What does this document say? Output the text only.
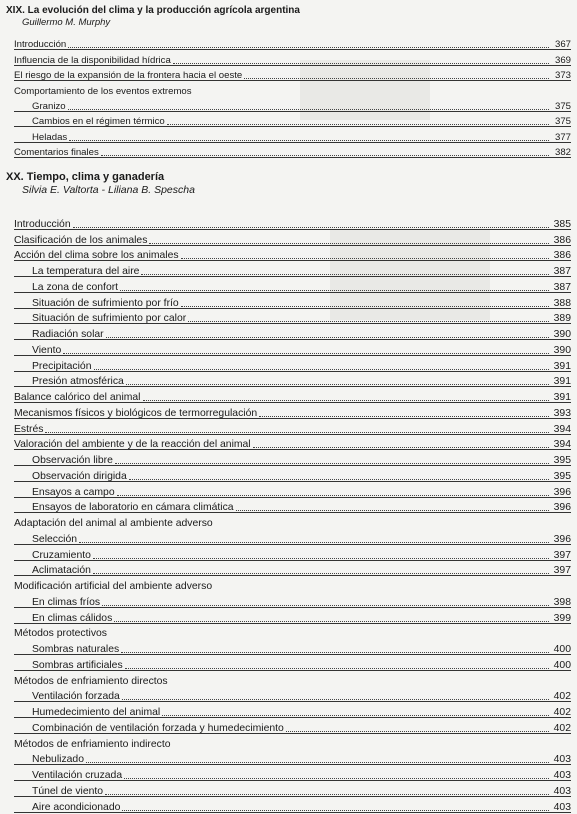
XIX. La evolución del clima y la producción agrícola argentina
Guillermo M. Murphy
Introducción	367
Influencia de la disponibilidad hídrica	369
El riesgo de la expansión de la frontera hacia el oeste	373
Comportamiento de los eventos extremos
Granizo	375
Cambios en el régimen térmico	375
Heladas	377
Comentarios finales	382
XX. Tiempo, clima y ganadería
Silvia E. Valtorta - Liliana B. Spescha
Introducción	385
Clasificación de los animales	386
Acción del clima sobre los animales	386
La temperatura del aire	387
La zona de confort	387
Situación de sufrimiento por frío	388
Situación de sufrimiento por calor	389
Radiación solar	390
Viento	390
Precipitación	391
Presión atmosférica	391
Balance calórico del animal	391
Mecanismos físicos y biológicos de termorregulación	393
Estrés	394
Valoración del ambiente y de la reacción del animal	394
Observación libre	395
Observación dirigida	395
Ensayos a campo	396
Ensayos de laboratorio en cámara climática	396
Adaptación del animal al ambiente adverso
Selección	396
Cruzamiento	397
Aclimatación	397
Modificación artificial del ambiente adverso
En climas fríos	398
En climas cálidos	399
Métodos protectivos
Sombras naturales	400
Sombras artificiales	400
Métodos de enfriamiento directos
Ventilación forzada	402
Humedecimiento del animal	402
Combinación de ventilación forzada y humedecimiento	402
Métodos de enfriamiento indirecto
Nebulizado	403
Ventilación cruzada	403
Túnel de viento	403
Aire acondicionado	403
